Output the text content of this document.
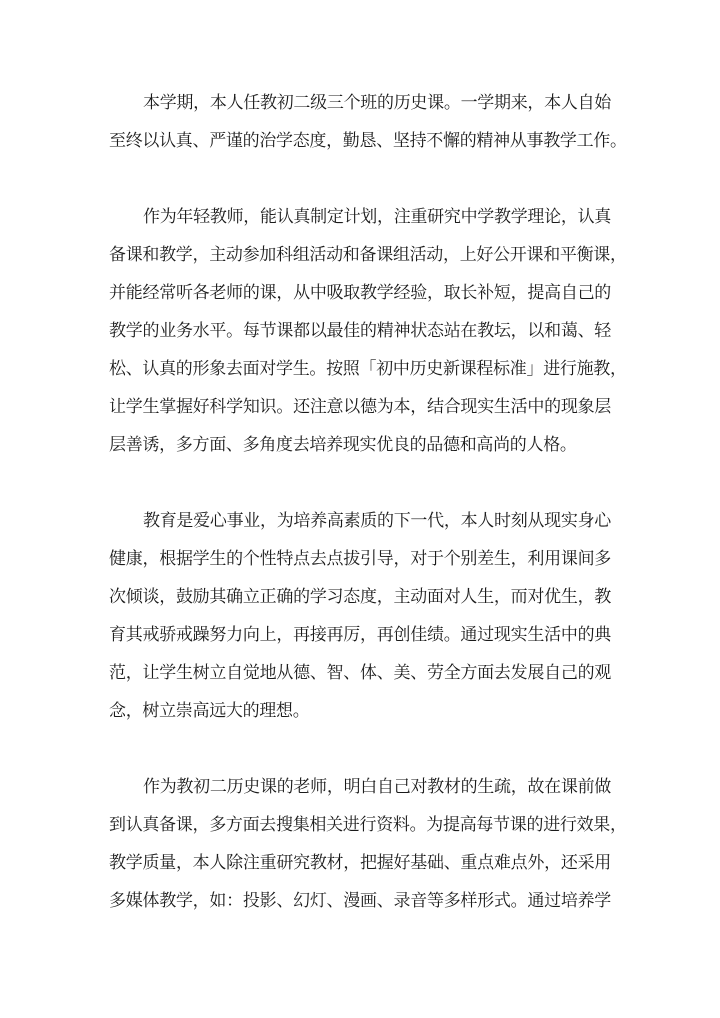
本学期，本人任教初二级三个班的历史课。一学期来，本人自始
至终以认真、严谨的治学态度，勤恳、坚持不懈的精神从事教学工作。
作为年轻教师，能认真制定计划，注重研究中学教学理论，认真
备课和教学，主动参加科组活动和备课组活动，上好公开课和平衡课，
并能经常听各老师的课，从中吸取教学经验，取长补短，提高自己的
教学的业务水平。每节课都以最佳的精神状态站在教坛，以和蔼、轻
松、认真的形象去面对学生。按照「初中历史新课程标准」进行施教，
让学生掌握好科学知识。还注意以德为本，结合现实生活中的现象层
层善诱，多方面、多角度去培养现实优良的品德和高尚的人格。
教育是爱心事业，为培养高素质的下一代，本人时刻从现实身心
健康，根据学生的个性特点去点拔引导，对于个别差生，利用课间多
次倾谈，鼓励其确立正确的学习态度，主动面对人生，而对优生，教
育其戒骄戒躁努力向上，再接再厉，再创佳绩。通过现实生活中的典
范，让学生树立自觉地从德、智、体、美、劳全方面去发展自己的观
念，树立崇高远大的理想。
作为教初二历史课的老师，明白自己对教材的生疏，故在课前做
到认真备课，多方面去搜集相关进行资料。为提高每节课的进行效果，
教学质量，本人除注重研究教材，把握好基础、重点难点外，还采用
多媒体教学，如：投影、幻灯、漫画、录音等多样形式。通过培养学
